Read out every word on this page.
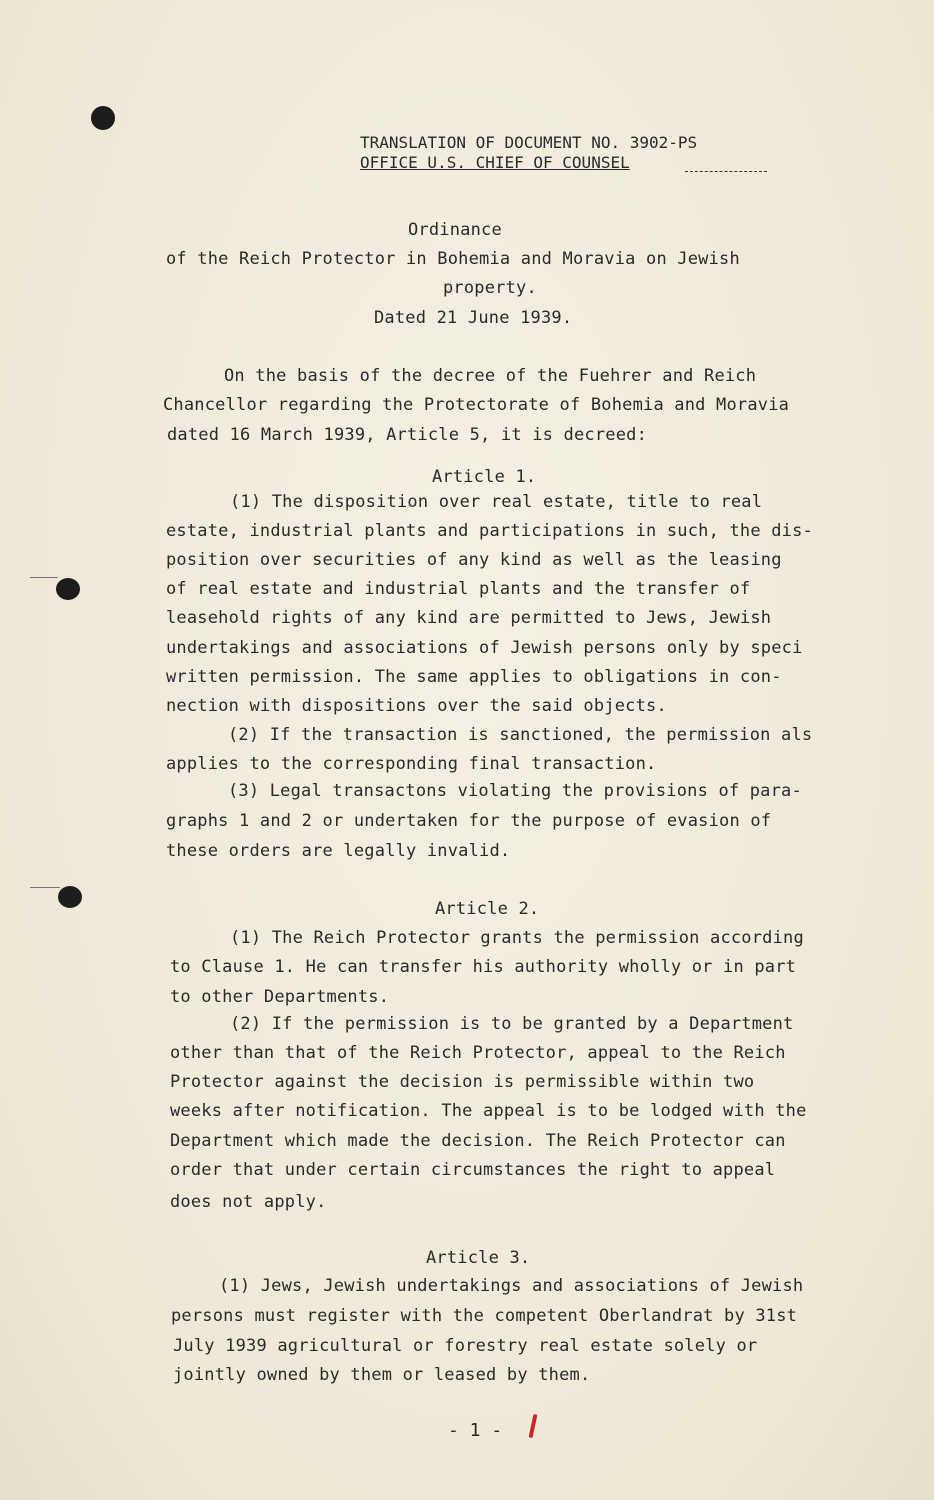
TRANSLATION OF DOCUMENT NO. 3902-PS
OFFICE U.S. CHIEF OF COUNSEL
Ordinance
of the Reich Protector in Bohemia and Moravia on Jewish
property.
Dated 21 June 1939.
On the basis of the decree of the Fuehrer and Reich
Chancellor regarding the Protectorate of Bohemia and Moravia
dated 16 March 1939, Article 5, it is decreed:
Article 1.
(1) The disposition over real estate, title to real
estate, industrial plants and participations in such, the dis-
position over securities of any kind as well as the leasing
of real estate and industrial plants and the transfer of
leasehold rights of any kind are permitted to Jews, Jewish
undertakings and associations of Jewish persons only by speci
written permission. The same applies to obligations in con-
nection with dispositions over the said objects.
(2) If the transaction is sanctioned, the permission als
applies to the corresponding final transaction.
(3) Legal transactons violating the provisions of para-
graphs 1 and 2 or undertaken for the purpose of evasion of
these orders are legally invalid.
Article 2.
(1) The Reich Protector grants the permission according
to Clause 1. He can transfer his authority wholly or in part
to other Departments.
(2) If the permission is to be granted by a Department
other than that of the Reich Protector, appeal to the Reich
Protector against the decision is permissible within two
weeks after notification. The appeal is to be lodged with the
Department which made the decision. The Reich Protector can
order that under certain circumstances the right to appeal
does not apply.
Article 3.
(1) Jews, Jewish undertakings and associations of Jewish
persons must register with the competent Oberlandrat by 31st
July 1939 agricultural or forestry real estate solely or
jointly owned by them or leased by them.
- 1 -
